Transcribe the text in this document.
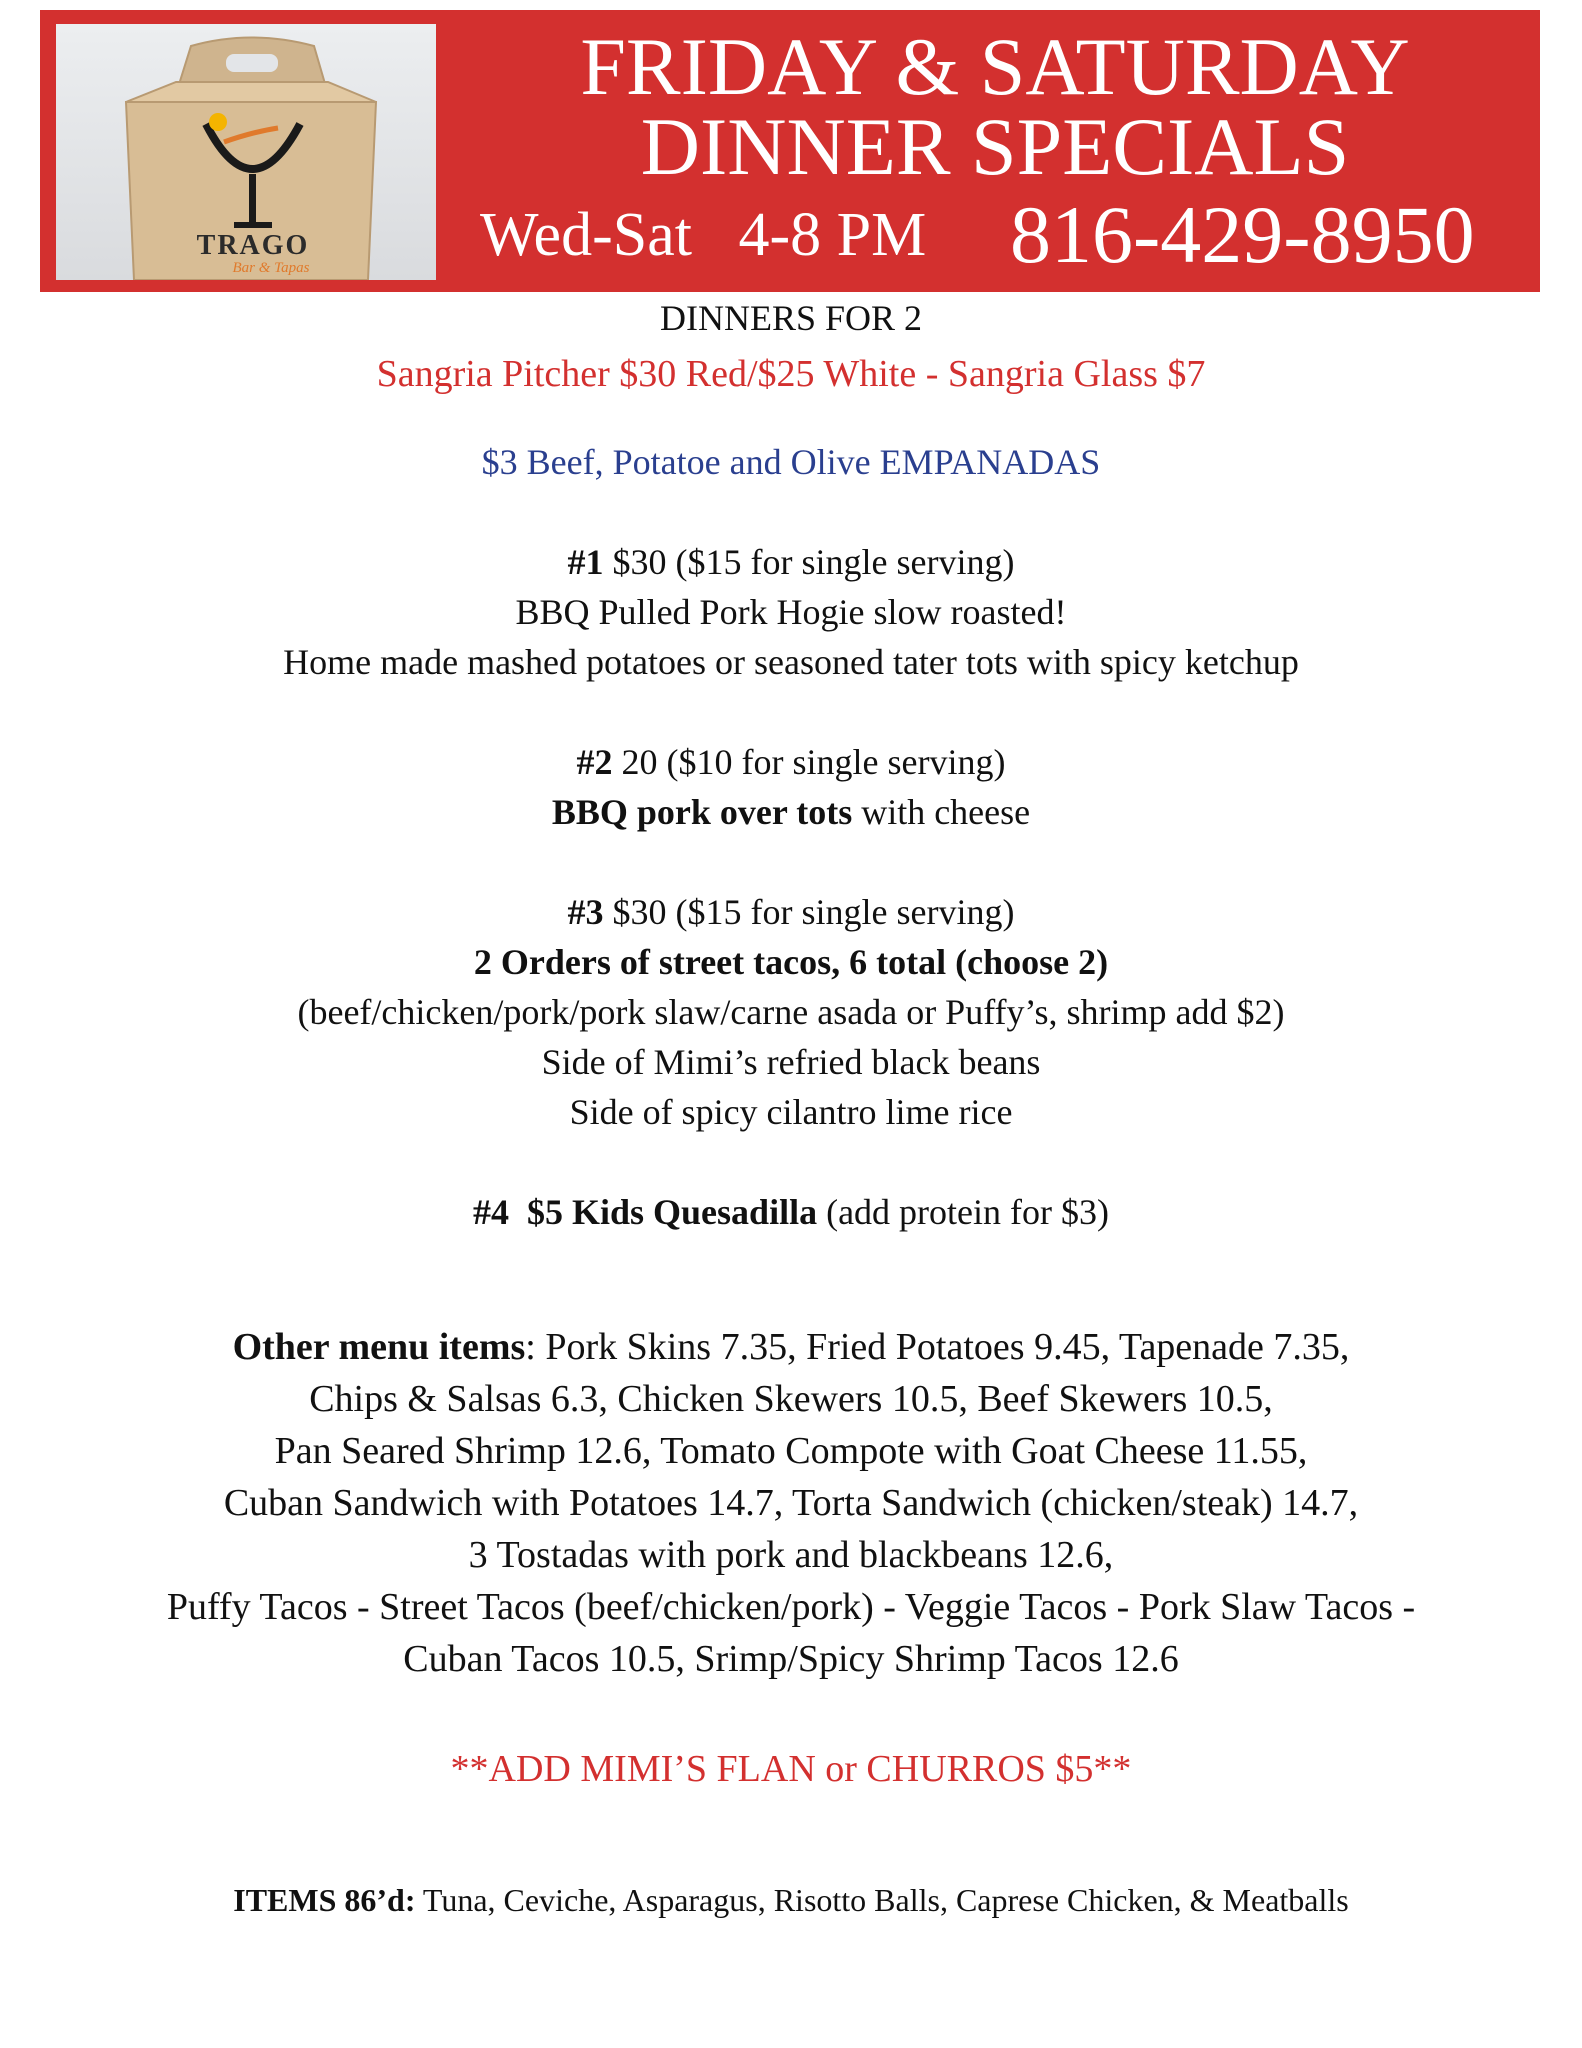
TRAGO
Bar & Tapas
FRIDAY & SATURDAY
DINNER SPECIALS
Wed-Sat   4-8 PM 816-429-8950
DINNERS FOR 2
Sangria Pitcher $30 Red/$25 White - Sangria Glass $7
$3 Beef, Potatoe and Olive EMPANADAS
#1 $30 ($15 for single serving)
BBQ Pulled Pork Hogie slow roasted!
Home made mashed potatoes or seasoned tater tots with spicy ketchup
#2 20 ($10 for single serving)
BBQ pork over tots with cheese
#3 $30 ($15 for single serving)
2 Orders of street tacos, 6 total (choose 2)
(beef/chicken/pork/pork slaw/carne asada or Puffy’s, shrimp add $2)
Side of Mimi’s refried black beans
Side of spicy cilantro lime rice
#4  $5 Kids Quesadilla (add protein for $3)
Other menu items: Pork Skins 7.35, Fried Potatoes 9.45, Tapenade 7.35,
Chips & Salsas 6.3, Chicken Skewers 10.5, Beef Skewers 10.5,
Pan Seared Shrimp 12.6, Tomato Compote with Goat Cheese 11.55,
Cuban Sandwich with Potatoes 14.7, Torta Sandwich (chicken/steak) 14.7,
3 Tostadas with pork and blackbeans 12.6,
Puffy Tacos - Street Tacos (beef/chicken/pork) - Veggie Tacos - Pork Slaw Tacos -
Cuban Tacos 10.5, Srimp/Spicy Shrimp Tacos 12.6
**ADD MIMI’S FLAN or CHURROS $5**
ITEMS 86’d: Tuna, Ceviche, Asparagus, Risotto Balls, Caprese Chicken, & Meatballs
